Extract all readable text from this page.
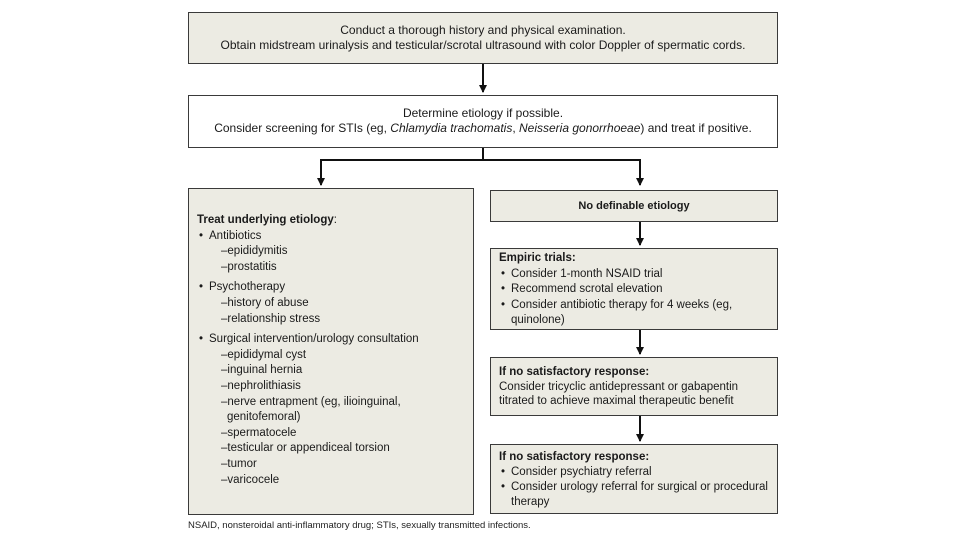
Conduct a thorough history and physical examination.
Obtain midstream urinalysis and testicular/scrotal ultrasound with color Doppler of spermatic cords.
Determine etiology if possible.
Consider screening for STIs (eg, Chlamydia trachomatis, Neisseria gonorrhoeae) and treat if positive.
Treat underlying etiology:
• Antibiotics
– epididymitis
– prostatitis
• Psychotherapy
– history of abuse
– relationship stress
• Surgical intervention/urology consultation
– epididymal cyst
– inguinal hernia
– nephrolithiasis
– nerve entrapment (eg, ilioinguinal, genitofemoral)
– spermatocele
– testicular or appendiceal torsion
– tumor
– varicocele
No definable etiology
Empiric trials:
• Consider 1-month NSAID trial
• Recommend scrotal elevation
• Consider antibiotic therapy for 4 weeks (eg, quinolone)
If no satisfactory response:
Consider tricyclic antidepressant or gabapentin titrated to achieve maximal therapeutic benefit
If no satisfactory response:
• Consider psychiatry referral
• Consider urology referral for surgical or procedural therapy
NSAID, nonsteroidal anti-inflammatory drug; STIs, sexually transmitted infections.
